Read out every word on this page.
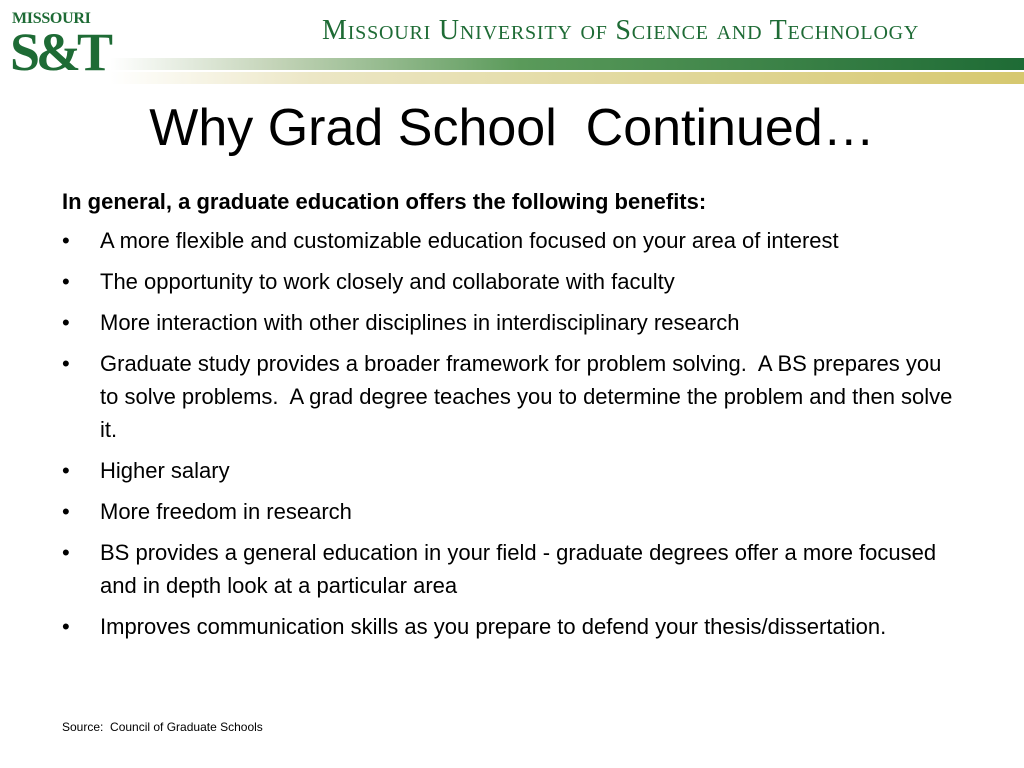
MISSOURI
S&T	Missouri University of Science and Technology
Why Grad School  Continued…

In general, a graduate education offers the following benefits:

•	A more flexible and customizable education focused on your area of interest
•	The opportunity to work closely and collaborate with faculty
•	More interaction with other disciplines in interdisciplinary research
•	Graduate study provides a broader framework for problem solving.  A BS prepares you to solve problems.  A grad degree teaches you to determine the problem and then solve it.
•	Higher salary
•	More freedom in research
•	BS provides a general education in your field - graduate degrees offer a more focused and in depth look at a particular area
•	Improves communication skills as you prepare to defend your thesis/dissertation.
Source:  Council of Graduate Schools
